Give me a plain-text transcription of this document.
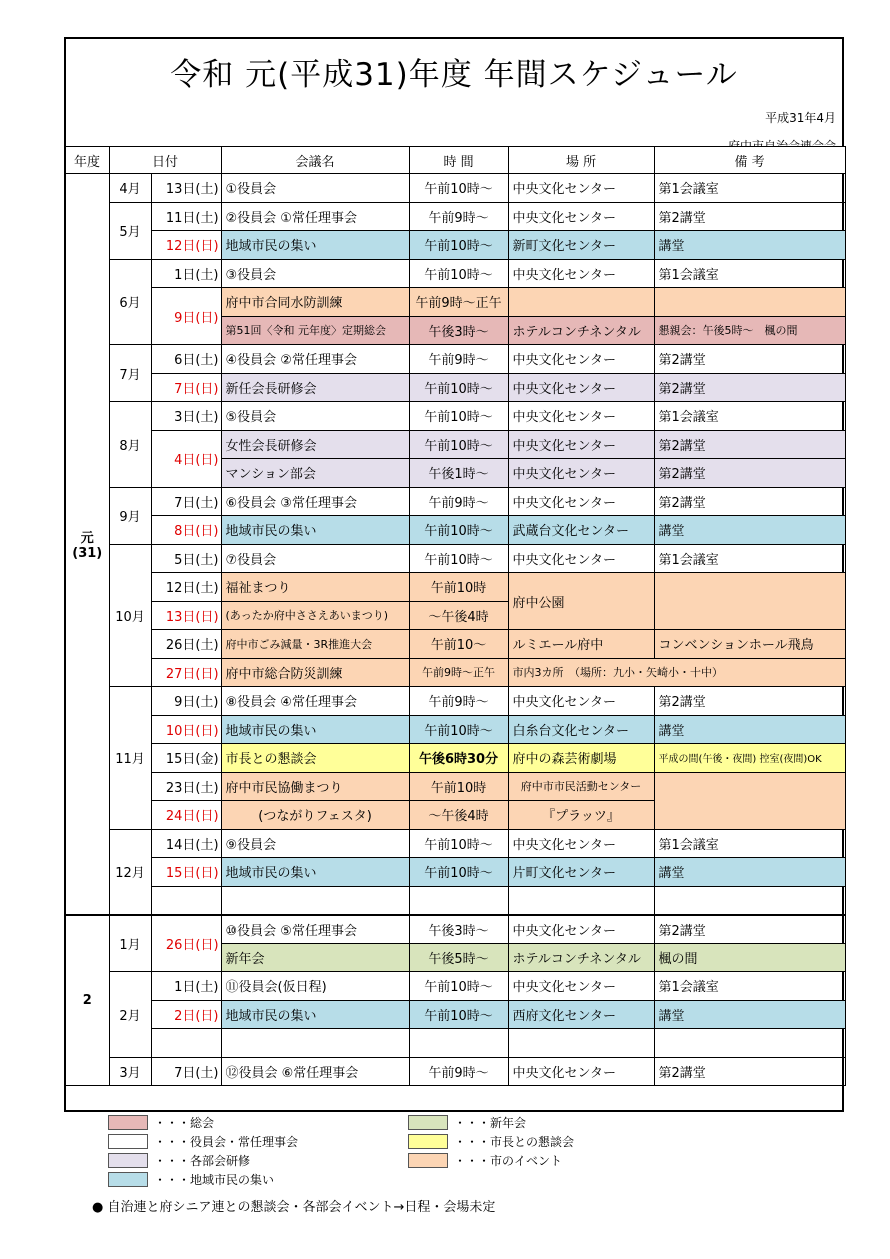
令和 元(平成31)年度 年間スケジュール
平成31年4月
年度	日付		会議名	時 間	場 所	備 考
元
(31)	4月	13日(土)	①役員会	午前10時～	中央文化センター	第1会議室
	5月	11日(土)	②役員会 ①常任理事会	午前9時～	中央文化センター	第2講堂
		12日(日)	地域市民の集い	午前10時～	新町文化センター	講堂
	6月	1日(土)	③役員会	午前10時～	中央文化センター	第1会議室
		9日(日)	府中市合同水防訓練	午前9時～正午		
			第51回〈令和 元年度〉定期総会	午後3時～	ホテルコンチネンタル	懇親会：午後5時～　楓の間
	7月	6日(土)	④役員会 ②常任理事会	午前9時～	中央文化センター	第2講堂
		7日(日)	新任会長研修会	午前10時～	中央文化センター	第2講堂
	8月	3日(土)	⑤役員会	午前10時～	中央文化センター	第1会議室
		4日(日)	女性会長研修会	午前10時～	中央文化センター	第2講堂
			マンション部会	午後1時～	中央文化センター	第2講堂
	9月	7日(土)	⑥役員会 ③常任理事会	午前9時～	中央文化センター	第2講堂
		8日(日)	地域市民の集い	午前10時～	武蔵台文化センター	講堂
	10月	5日(土)	⑦役員会	午前10時～	中央文化センター	第1会議室
		12日(土)	福祉まつり	午前10時	府中公園	
		13日(日)	(あったか府中ささえあいまつり)	～午後4時		
		26日(土)	府中市ごみ減量・3R推進大会	午前10～	ルミエール府中	コンベンションホール飛鳥
		27日(日)	府中市総合防災訓練	午前9時～正午	市内3カ所　（場所：九小・矢崎小・十中）	
	11月	9日(土)	⑧役員会 ④常任理事会	午前9時～	中央文化センター	第2講堂
		10日(日)	地域市民の集い	午前10時～	白糸台文化センター	講堂
		15日(金)	市長との懇談会	午後6時30分	府中の森芸術劇場	平成の間(午後・夜間) 控室(夜間)OK
		23日(土)	府中市民協働まつり	午前10時	府中市市民活動センター	
		24日(日)	(つながりフェスタ)	～午後4時	『プラッツ』	
	12月	14日(土)	⑨役員会	午前10時～	中央文化センター	第1会議室
		15日(日)	地域市民の集い	午前10時～	片町文化センター	講堂

2	1月	26日(日)	⑩役員会 ⑤常任理事会	午後3時～	中央文化センター	第2講堂
			新年会	午後5時～	ホテルコンチネンタル	楓の間
	2月	1日(土)	⑪役員会(仮日程)	午前10時～	中央文化センター	第1会議室
		2日(日)	地域市民の集い	午前10時～	西府文化センター	講堂

	3月	7日(土)	⑫役員会 ⑥常任理事会	午前9時～	中央文化センター	第2講堂
・・・総会
・・・役員会・常任理事会
・・・各部会研修
・・・地域市民の集い
・・・新年会
・・・市長との懇談会
・・・市のイベント
● 自治連と府シニア連との懇談会・各部会イベント→日程・会場未定
